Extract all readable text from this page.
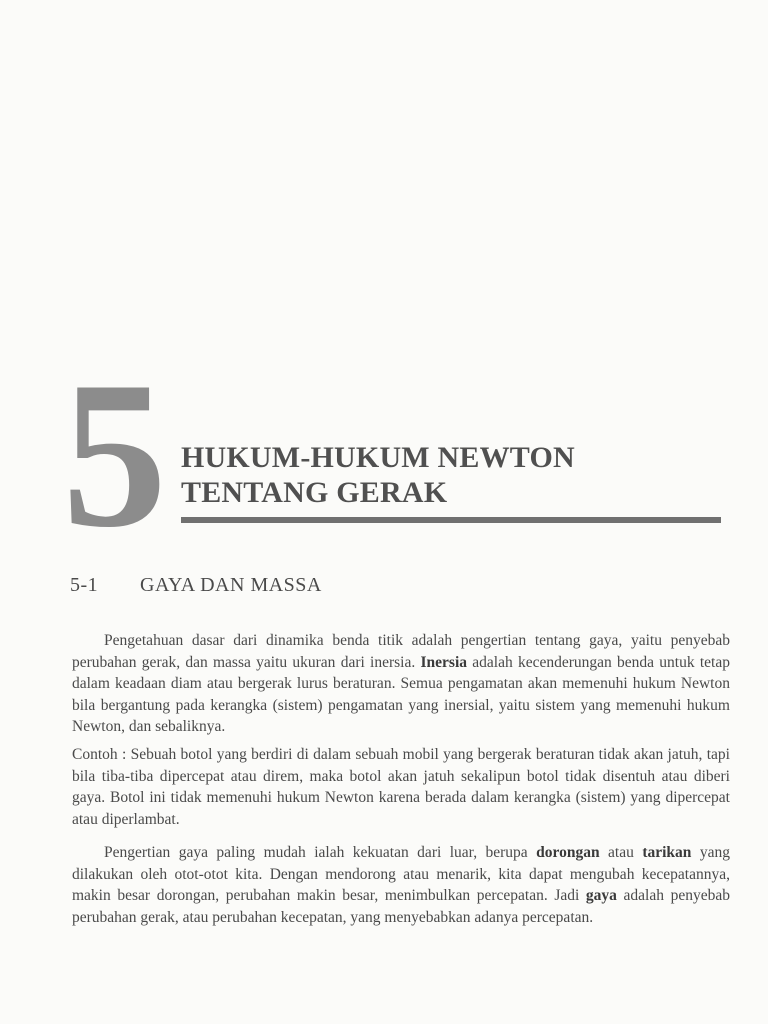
5 HUKUM-HUKUM NEWTON
TENTANG GERAK
5-1 GAYA DAN MASSA

Pengetahuan dasar dari dinamika benda titik adalah pengertian tentang gaya, yaitu penyebab perubahan gerak, dan massa yaitu ukuran dari inersia. Inersia adalah kecenderungan benda untuk tetap dalam keadaan diam atau bergerak lurus beraturan. Semua pengamatan akan memenuhi hukum Newton bila bergantung pada kerangka (sistem) pengamatan yang inersial, yaitu sistem yang memenuhi hukum Newton, dan sebaliknya.

Contoh : Sebuah botol yang berdiri di dalam sebuah mobil yang bergerak beraturan tidak akan jatuh, tapi bila tiba-tiba dipercepat atau direm, maka botol akan jatuh sekalipun botol tidak disentuh atau diberi gaya. Botol ini tidak memenuhi hukum Newton karena berada dalam kerangka (sistem) yang dipercepat atau diperlambat.

Pengertian gaya paling mudah ialah kekuatan dari luar, berupa dorongan atau tarikan yang dilakukan oleh otot-otot kita. Dengan mendorong atau menarik, kita dapat mengubah kecepatannya, makin besar dorongan, perubahan makin besar, menimbulkan percepatan. Jadi gaya adalah penyebab perubahan gerak, atau perubahan kecepatan, yang menyebabkan adanya percepatan.
